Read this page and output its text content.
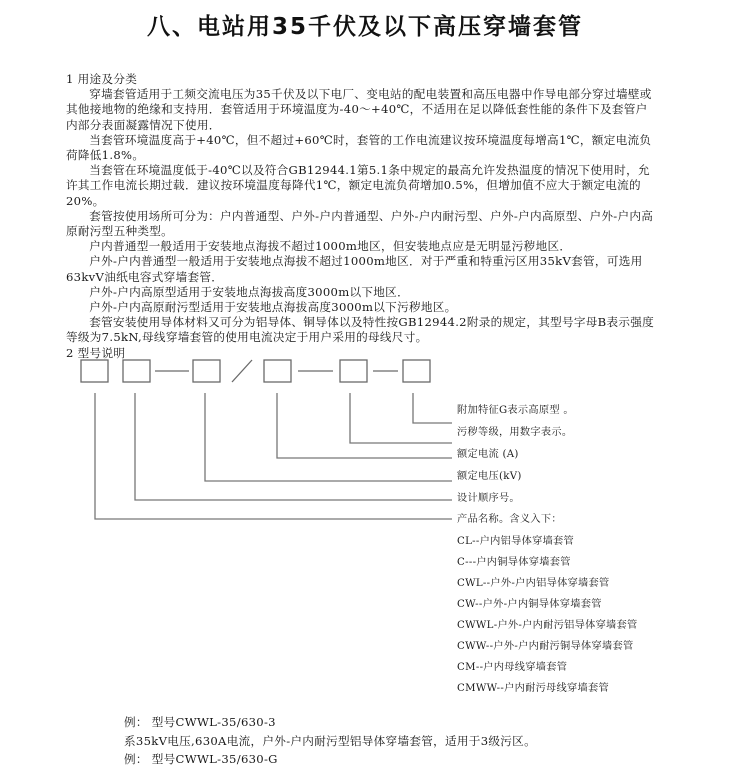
八、电站用35千伏及以下高压穿墙套管

1 用途及分类

穿墙套管适用于工频交流电压为35千伏及以下电厂、变电站的配电装置和高压电器中作导电部分穿过墙壁或其他接地物的绝缘和支持用．套管适用于环境温度为-40～+40℃，不适用在足以降低套性能的条件下及套管户内部分表面凝露情况下使用．

当套管环境温度高于+40℃，但不超过+60℃时，套管的工作电流建议按环境温度每增高1℃，额定电流负荷降低1.8%。

当套管在环境温度低于-40℃以及符合GB12944.1第5.1条中规定的最高允许发热温度的情况下使用时，允许其工作电流长期过载．建议按环境温度每降代1℃，额定电流负荷增加0.5%，但增加值不应大于额定电流的20%。

套管按使用场所可分为：户内普通型、户外-户内普通型、户外-户内耐污型、户外-户内高原型、户外-户内高原耐污型五种类型。

户内普通型一般适用于安装地点海拔不超过1000m地区，但安装地点应是无明显污秽地区．

户外-户内普通型一般适用于安装地点海拔不超过1000m地区．对于严重和特重污区用35kV套管，可选用63kvV油纸电容式穿墙套管．

户外-户内高原型适用于安装地点海拔高度3000m以下地区．

户外-户内高原耐污型适用于安装地点海拔高度3000m以下污秽地区。

套管安装使用导体材料又可分为铝导体、铜导体以及特性按GB12944.2附录的规定，其型号字母B表示强度等级为7.5kN,母线穿墙套管的使用电流决定于用户采用的母线尺寸。

2 型号说明

附加特征G表示高原型 。
污秽等级，用数字表示。
额定电流 (A)
额定电压(kV)
设计顺序号。
产品名称。含义入下：
CL--户内铝导体穿墙套管
C---户内铜导体穿墙套管
CWL--户外-户内铝导体穿墙套管
CW--户外-户内铜导体穿墙套管
CWWL-户外-户内耐污铝导体穿墙套管
CWW--户外-户内耐污铜导体穿墙套管
CM--户内母线穿墙套管
CMWW--户内耐污母线穿墙套管

例： 型号CWWL-35/630-3

系35kV电压,630A电流，户外-户内耐污型铝导体穿墙套管，适用于3级污区。

例： 型号CWWL-35/630-G
